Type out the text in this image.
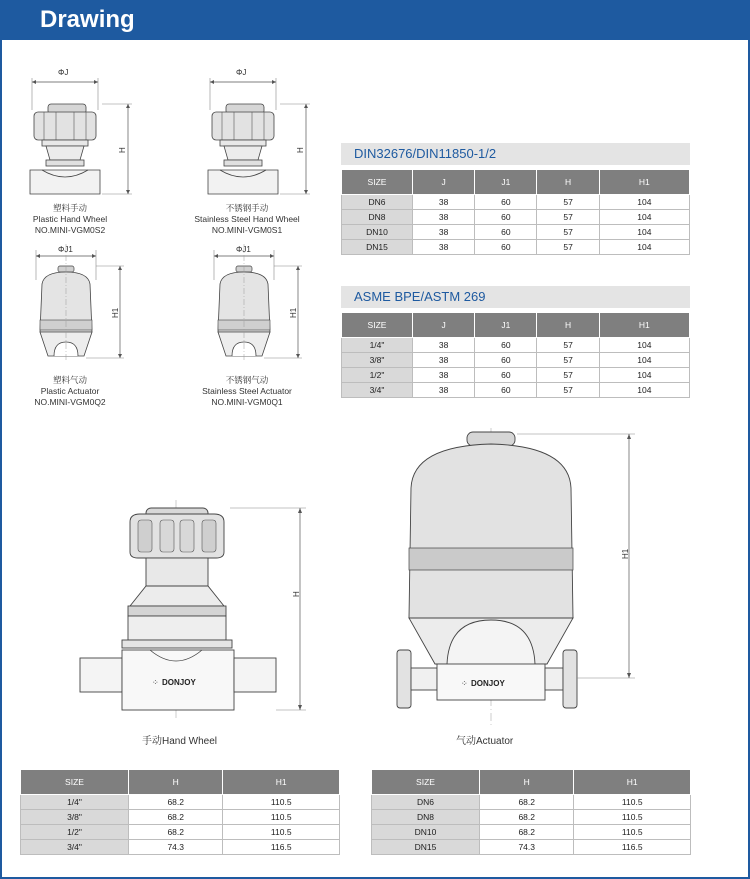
Drawing
ΦJ
H
塑料手动
Plastic Hand Wheel
NO.MINI-VGM0S2
ΦJ
H
不锈钢手动
Stainless Steel Hand Wheel
NO.MINI-VGM0S1
ΦJ1
H1
塑料气动
Plastic Actuator
NO.MINI-VGM0Q2
ΦJ1
H1
不锈钢气动
Stainless Steel Actuator
NO.MINI-VGM0Q1
DIN32676/DIN11850-1/2
SIZE	J	J1	H	H1
DN6	38	60	57	104
DN8	38	60	57	104
DN10	38	60	57	104
DN15	38	60	57	104
ASME BPE/ASTM 269
SIZE	J	J1	H	H1
1/4"	38	60	57	104
3/8"	38	60	57	104
1/2"	38	60	57	104
3/4"	38	60	57	104
DONJOY
⁘
H
手动Hand Wheel
DONJOY
⁘
H1
气动Actuator
SIZE	H	H1
1/4"	68.2	110.5
3/8"	68.2	110.5
1/2"	68.2	110.5
3/4"	74.3	116.5
SIZE	H	H1
DN6	68.2	110.5
DN8	68.2	110.5
DN10	68.2	110.5
DN15	74.3	116.5
